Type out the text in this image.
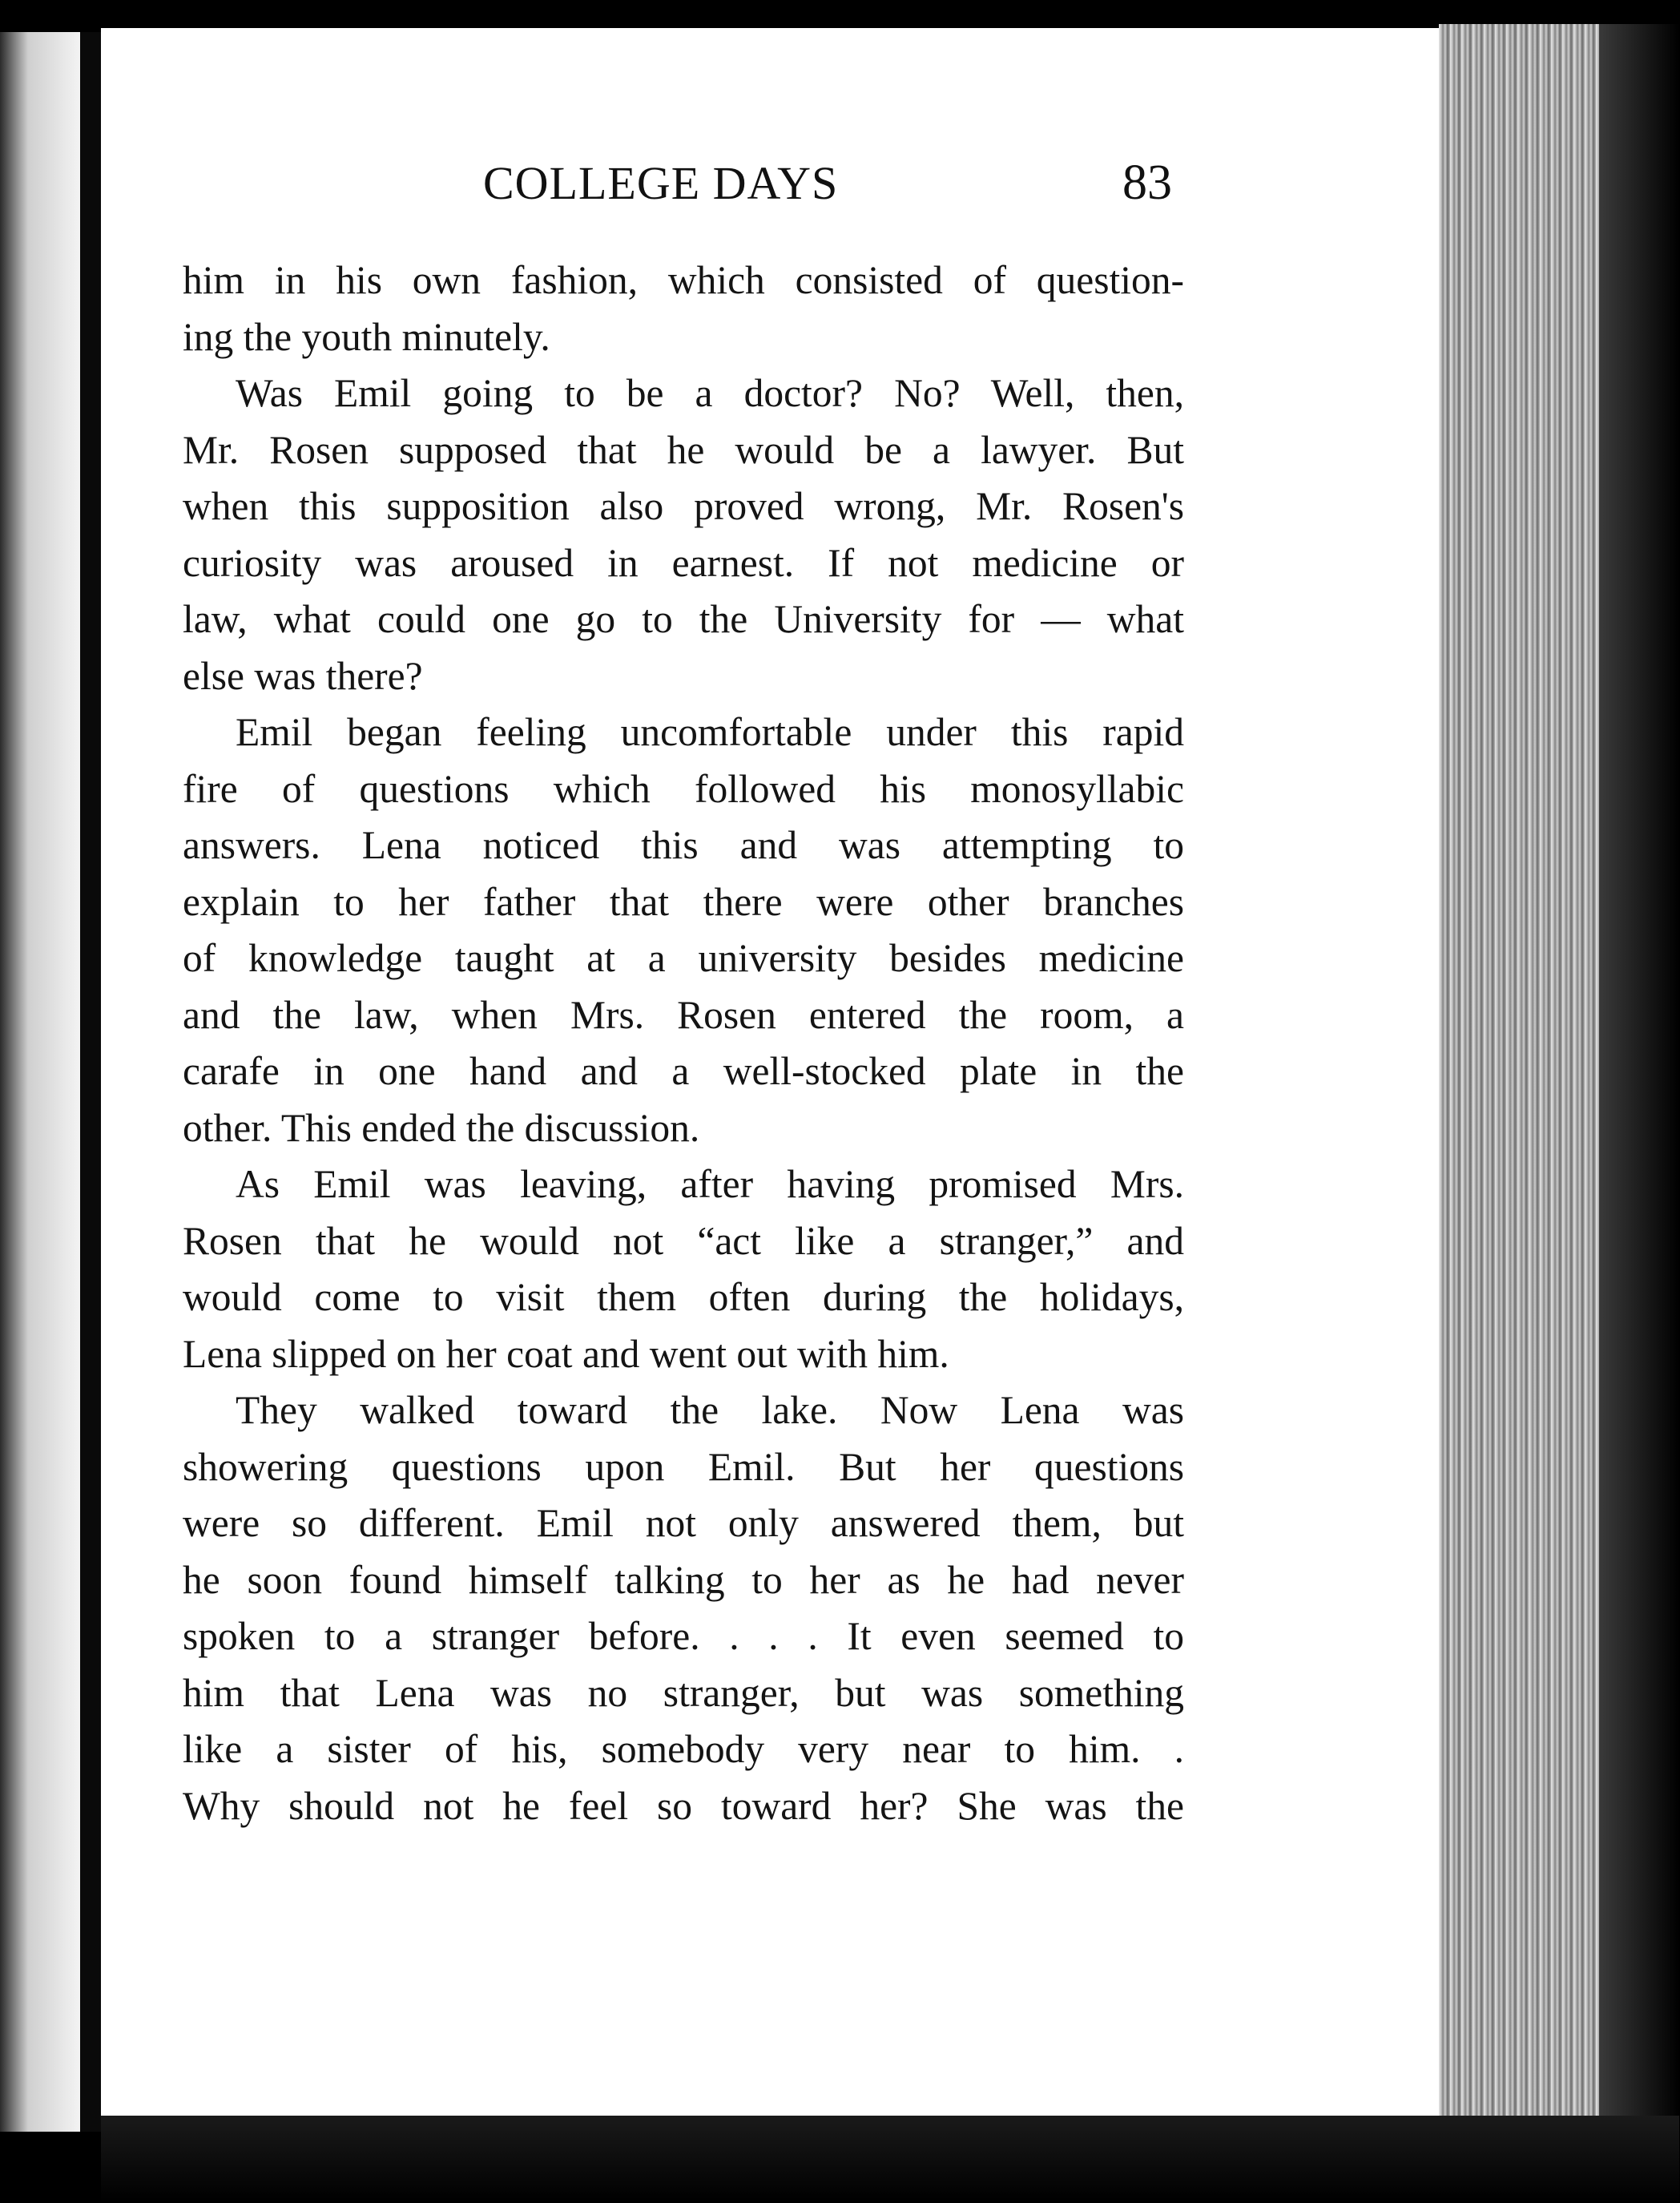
COLLEGE DAYS	83
him in his own fashion, which consisted of question-
ing the youth minutely.
Was Emil going to be a doctor? No? Well, then,
Mr. Rosen supposed that he would be a lawyer. But
when this supposition also proved wrong, Mr. Rosen's
curiosity was aroused in earnest. If not medicine or
law, what could one go to the University for — what
else was there?
Emil began feeling uncomfortable under this rapid
fire of questions which followed his monosyllabic
answers. Lena noticed this and was attempting to
explain to her father that there were other branches
of knowledge taught at a university besides medicine
and the law, when Mrs. Rosen entered the room, a
carafe in one hand and a well-stocked plate in the
other. This ended the discussion.
As Emil was leaving, after having promised Mrs.
Rosen that he would not “act like a stranger,” and
would come to visit them often during the holidays,
Lena slipped on her coat and went out with him.
They walked toward the lake. Now Lena was
showering questions upon Emil. But her questions
were so different. Emil not only answered them, but
he soon found himself talking to her as he had never
spoken to a stranger before. . . . It even seemed to
him that Lena was no stranger, but was something
like a sister of his, somebody very near to him. .
Why should not he feel so toward her? She was the
